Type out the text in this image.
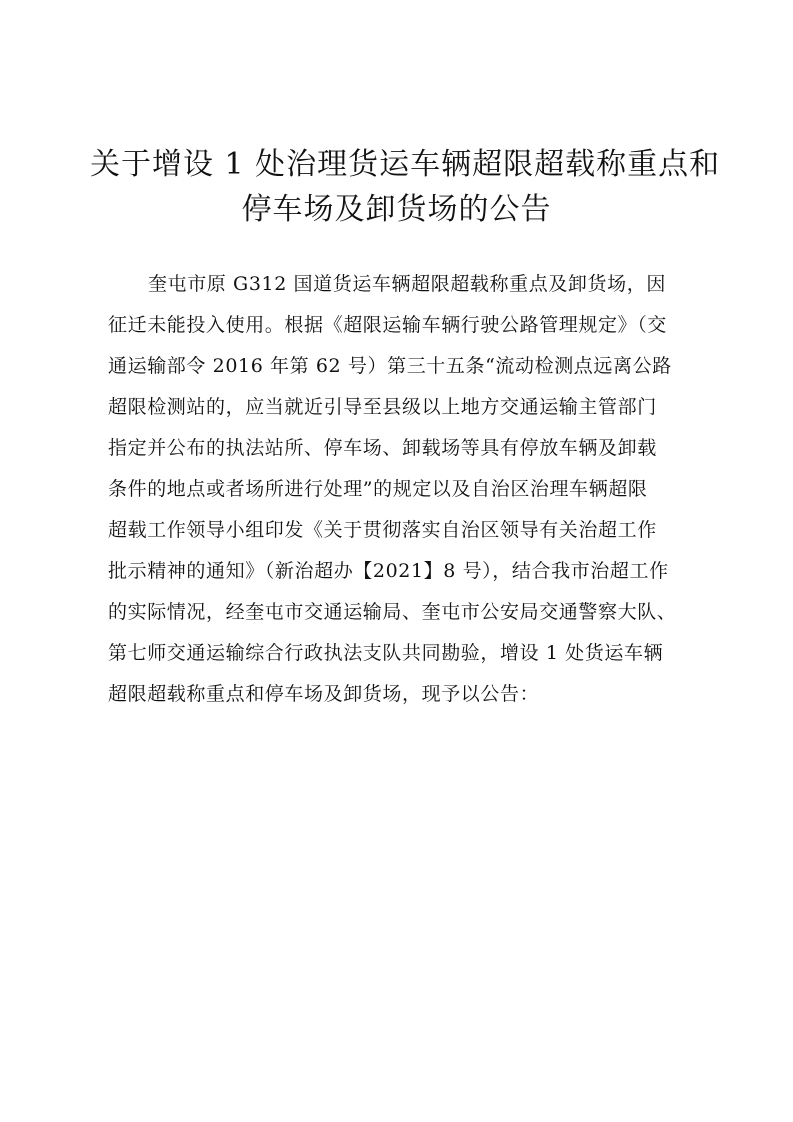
关于增设 1 处治理货运车辆超限超载称重点和
停车场及卸货场的公告
奎屯市原 G312 国道货运车辆超限超载称重点及卸货场，因
征迁未能投入使用。根据《超限运输车辆行驶公路管理规定》（交
通运输部令 2016 年第 62 号）第三十五条“流动检测点远离公路
超限检测站的，应当就近引导至县级以上地方交通运输主管部门
指定并公布的执法站所、停车场、卸载场等具有停放车辆及卸载
条件的地点或者场所进行处理”的规定以及自治区治理车辆超限
超载工作领导小组印发《关于贯彻落实自治区领导有关治超工作
批示精神的通知》（新治超办【2021】8 号），结合我市治超工作
的实际情况，经奎屯市交通运输局、奎屯市公安局交通警察大队、
第七师交通运输综合行政执法支队共同勘验，增设 1 处货运车辆
超限超载称重点和停车场及卸货场，现予以公告：
